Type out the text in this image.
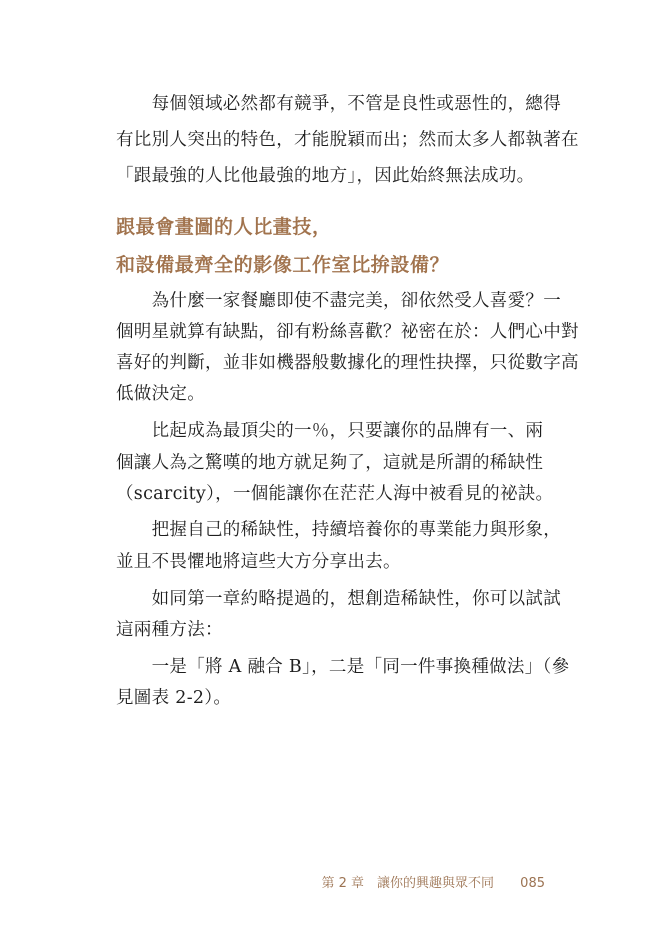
　　每個領域必然都有競爭，不管是良性或惡性的，總得
有比別人突出的特色，才能脫穎而出；然而太多人都執著在
「跟最強的人比他最強的地方」，因此始終無法成功。
跟最會畫圖的人比畫技，
和設備最齊全的影像工作室比拚設備？
　　為什麼一家餐廳即使不盡完美，卻依然受人喜愛？一
個明星就算有缺點，卻有粉絲喜歡？祕密在於：人們心中對
喜好的判斷，並非如機器般數據化的理性抉擇，只從數字高
低做決定。
　　比起成為最頂尖的一％，只要讓你的品牌有一、兩
個讓人為之驚嘆的地方就足夠了，這就是所謂的稀缺性
（scarcity），一個能讓你在茫茫人海中被看見的祕訣。
　　把握自己的稀缺性，持續培養你的專業能力與形象，
並且不畏懼地將這些大方分享出去。
　　如同第一章約略提過的，想創造稀缺性，你可以試試
這兩種方法：
　　一是「將 A 融合 B」，二是「同一件事換種做法」（參
見圖表 2-2）。
第 2 章　讓你的興趣與眾不同 085
